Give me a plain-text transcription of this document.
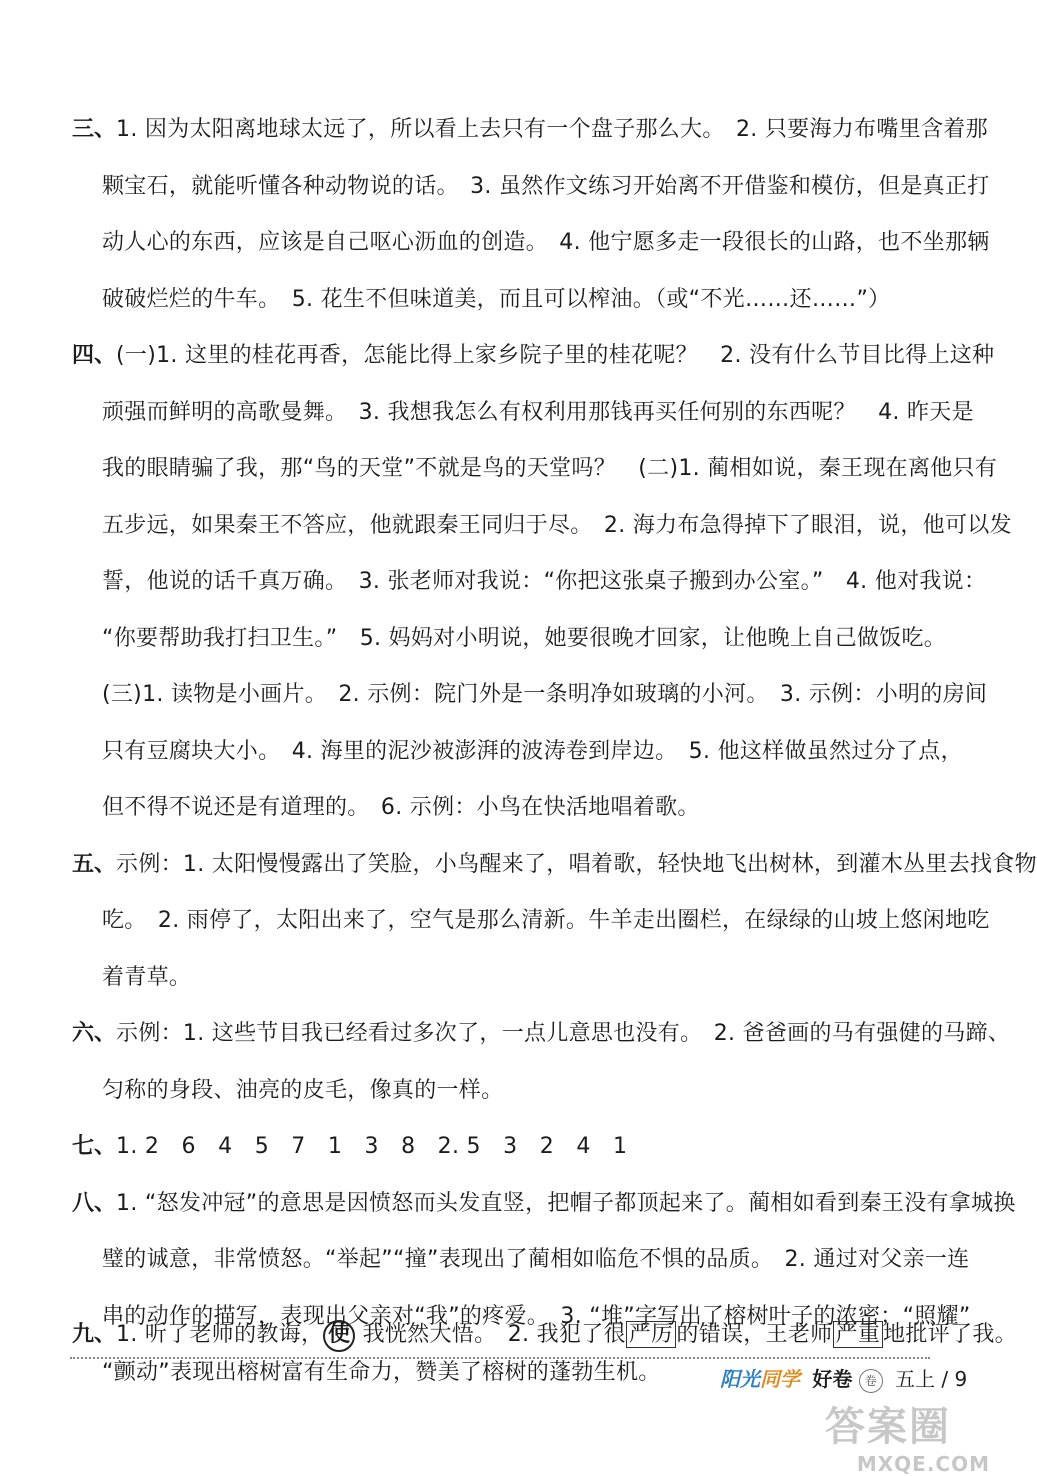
三、1. 因为太阳离地球太远了，所以看上去只有一个盘子那么大。　2. 只要海力布嘴里含着那
颗宝石，就能听懂各种动物说的话。　3. 虽然作文练习开始离不开借鉴和模仿，但是真正打
动人心的东西，应该是自己呕心沥血的创造。　4. 他宁愿多走一段很长的山路，也不坐那辆
破破烂烂的牛车。　5. 花生不但味道美，而且可以榨油。（或“不光……还……”）
四、(一)1. 这里的桂花再香，怎能比得上家乡院子里的桂花呢？　2. 没有什么节目比得上这种
顽强而鲜明的高歌曼舞。　3. 我想我怎么有权利用那钱再买任何别的东西呢？　4. 昨天是
我的眼睛骗了我，那“鸟的天堂”不就是鸟的天堂吗？　(二)1. 蔺相如说，秦王现在离他只有
五步远，如果秦王不答应，他就跟秦王同归于尽。　2. 海力布急得掉下了眼泪，说，他可以发
誓，他说的话千真万确。　3. 张老师对我说：“你把这张桌子搬到办公室。”　4. 他对我说：
“你要帮助我打扫卫生。”　5. 妈妈对小明说，她要很晚才回家，让他晚上自己做饭吃。
(三)1. 读物是小画片。　2. 示例：院门外是一条明净如玻璃的小河。　3. 示例：小明的房间
只有豆腐块大小。　4. 海里的泥沙被澎湃的波涛卷到岸边。　5. 他这样做虽然过分了点，
但不得不说还是有道理的。　6. 示例：小鸟在快活地唱着歌。
五、示例：1. 太阳慢慢露出了笑脸，小鸟醒来了，唱着歌，轻快地飞出树林，到灌木丛里去找食物
吃。　2. 雨停了，太阳出来了，空气是那么清新。牛羊走出圈栏，在绿绿的山坡上悠闲地吃
着青草。
六、示例：1. 这些节目我已经看过多次了，一点儿意思也没有。　2. 爸爸画的马有强健的马蹄、
匀称的身段、油亮的皮毛，像真的一样。
七、1. 2　6　4　5　7　1　3　8　2. 5　3　2　4　1
八、1. “怒发冲冠”的意思是因愤怒而头发直竖，把帽子都顶起来了。蔺相如看到秦王没有拿城换
璧的诚意，非常愤怒。“举起”“撞”表现出了蔺相如临危不惧的品质。　2. 通过对父亲一连
串的动作的描写，表现出父亲对“我”的疼爱。　3. “堆”字写出了榕树叶子的浓密；“照耀”
“颤动”表现出榕树富有生命力，赞美了榕树的蓬勃生机。
九、1. 听了老师的教诲， 使 我恍然大悟。　2. 我犯了很 严厉 的错误，王老师 严重 地批评了我。
阳光同学 好卷 卷 五上 / 9
答案圈
MXQE.COM
